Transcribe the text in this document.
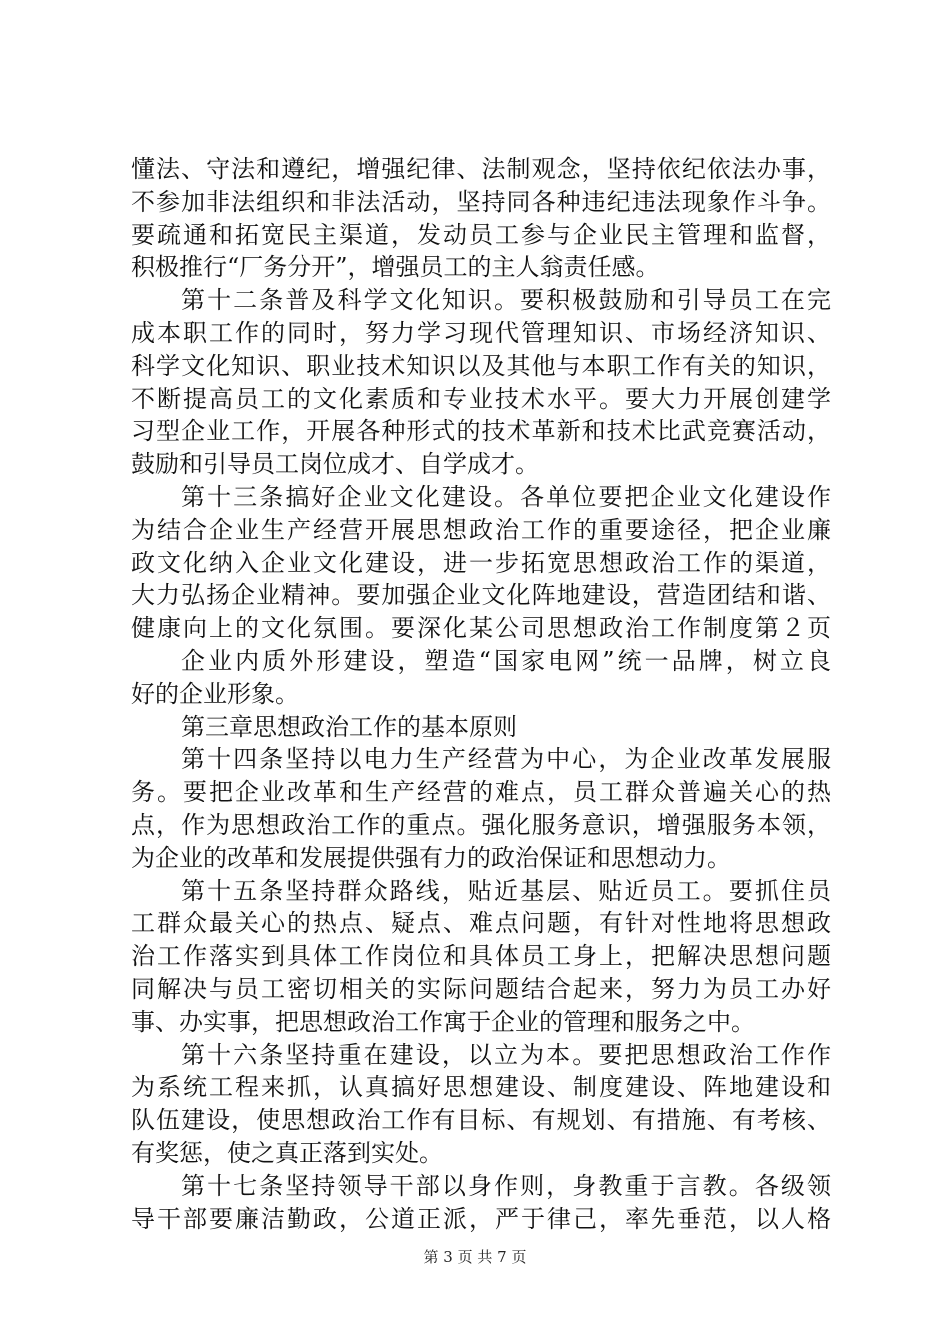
懂法、守法和遵纪，增强纪律、法制观念，坚持依纪依法办事，
不参加非法组织和非法活动，坚持同各种违纪违法现象作斗争。
要疏通和拓宽民主渠道，发动员工参与企业民主管理和监督，
积极推行“厂务分开”，增强员工的主人翁责任感。
第十二条普及科学文化知识。要积极鼓励和引导员工在完
成本职工作的同时，努力学习现代管理知识、市场经济知识、
科学文化知识、职业技术知识以及其他与本职工作有关的知识，
不断提高员工的文化素质和专业技术水平。要大力开展创建学
习型企业工作，开展各种形式的技术革新和技术比武竞赛活动，
鼓励和引导员工岗位成才、自学成才。
第十三条搞好企业文化建设。各单位要把企业文化建设作
为结合企业生产经营开展思想政治工作的重要途径，把企业廉
政文化纳入企业文化建设，进一步拓宽思想政治工作的渠道，
大力弘扬企业精神。要加强企业文化阵地建设，营造团结和谐、
健康向上的文化氛围。要深化某公司思想政治工作制度第２页
企业内质外形建设，塑造“国家电网”统一品牌，树立良
好的企业形象。
第三章思想政治工作的基本原则
第十四条坚持以电力生产经营为中心，为企业改革发展服
务。要把企业改革和生产经营的难点，员工群众普遍关心的热
点，作为思想政治工作的重点。强化服务意识，增强服务本领，
为企业的改革和发展提供强有力的政治保证和思想动力。
第十五条坚持群众路线，贴近基层、贴近员工。要抓住员
工群众最关心的热点、疑点、难点问题，有针对性地将思想政
治工作落实到具体工作岗位和具体员工身上，把解决思想问题
同解决与员工密切相关的实际问题结合起来，努力为员工办好
事、办实事，把思想政治工作寓于企业的管理和服务之中。
第十六条坚持重在建设，以立为本。要把思想政治工作作
为系统工程来抓，认真搞好思想建设、制度建设、阵地建设和
队伍建设，使思想政治工作有目标、有规划、有措施、有考核、
有奖惩，使之真正落到实处。
第十七条坚持领导干部以身作则，身教重于言教。各级领
导干部要廉洁勤政，公道正派，严于律己，率先垂范，以人格
第 3 页 共 7 页
